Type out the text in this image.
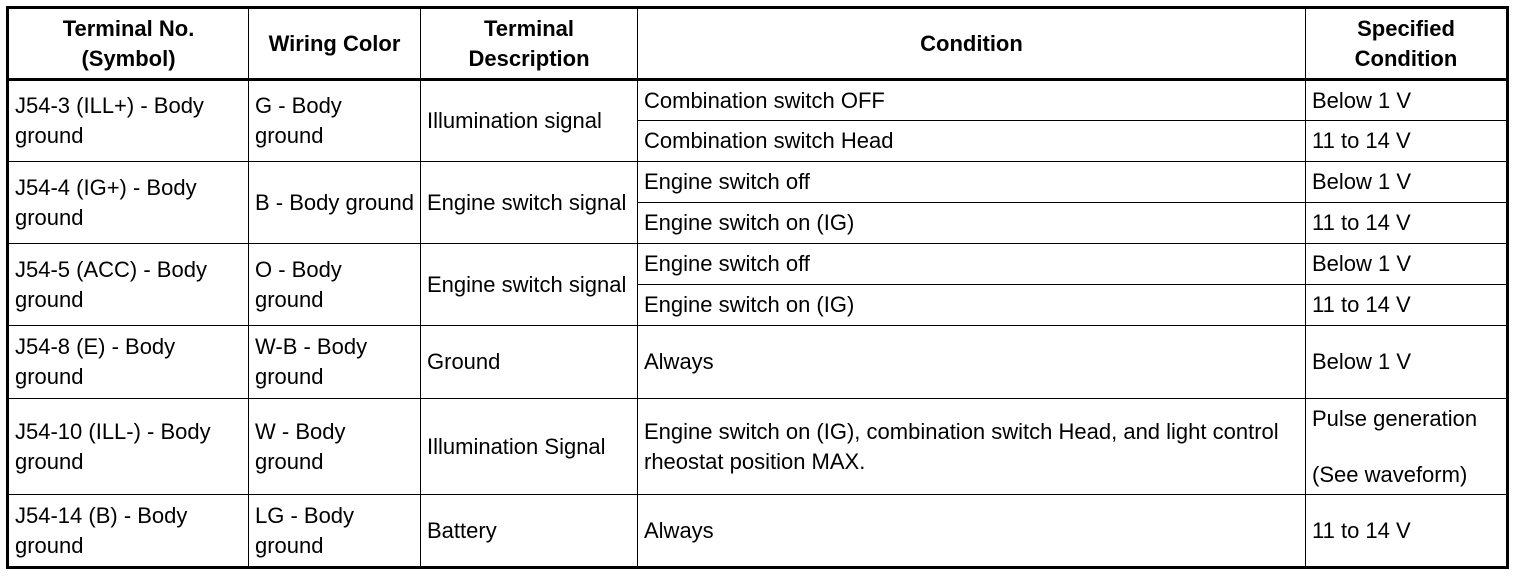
Terminal No. (Symbol)	Wiring Color	Terminal Description	Condition	Specified Condition
J54-3 (ILL+) - Body ground	G - Body ground	Illumination signal	Combination switch OFF	Below 1 V
			Combination switch Head	11 to 14 V
J54-4 (IG+) - Body ground	B - Body ground	Engine switch signal	Engine switch off	Below 1 V
			Engine switch on (IG)	11 to 14 V
J54-5 (ACC) - Body ground	O - Body ground	Engine switch signal	Engine switch off	Below 1 V
			Engine switch on (IG)	11 to 14 V
J54-8 (E) - Body ground	W-B - Body ground	Ground	Always	Below 1 V
J54-10 (ILL-) - Body ground	W - Body ground	Illumination Signal	Engine switch on (IG), combination switch Head, and light control rheostat position MAX.	Pulse generation
(See waveform)

J54-14 (B) - Body ground	LG - Body ground	Battery	Always	11 to 14 V
